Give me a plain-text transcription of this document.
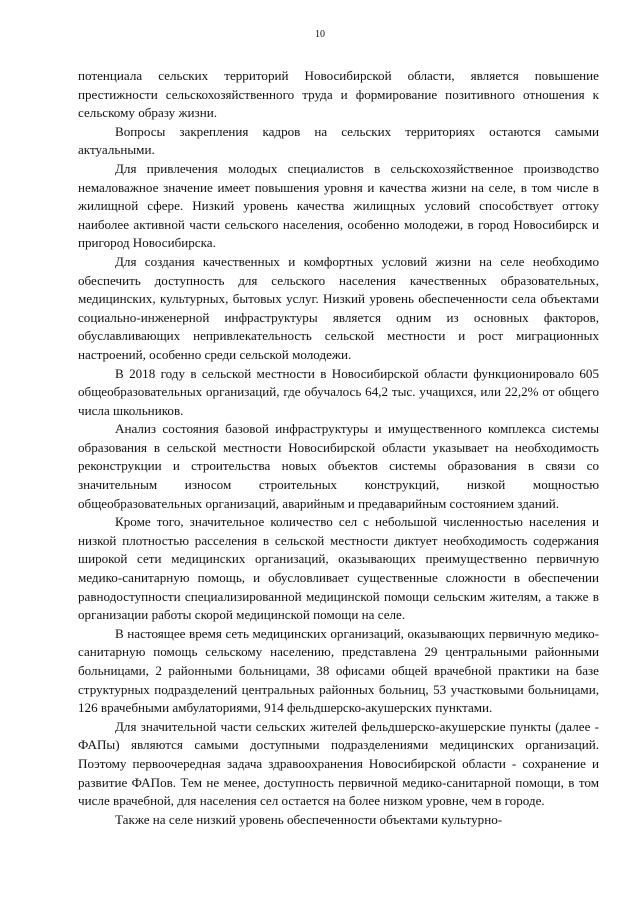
10

потенциала сельских территорий Новосибирской области, является повышение престижности сельскохозяйственного труда и формирование позитивного отношения к сельскому образу жизни.

Вопросы закрепления кадров на сельских территориях остаются самыми актуальными.

Для привлечения молодых специалистов в сельскохозяйственное производство немаловажное значение имеет повышения уровня и качества жизни на селе, в том числе в жилищной сфере. Низкий уровень качества жилищных условий способствует оттоку наиболее активной части сельского населения, особенно молодежи, в город Новосибирск и пригород Новосибирска.

Для создания качественных и комфортных условий жизни на селе необходимо обеспечить доступность для сельского населения качественных образовательных, медицинских, культурных, бытовых услуг. Низкий уровень обеспеченности села объектами социально-инженерной инфраструктуры является одним из основных факторов, обуславливающих непривлекательность сельской местности и рост миграционных настроений, особенно среди сельской молодежи.

В 2018 году в сельской местности в Новосибирской области функционировало 605 общеобразовательных организаций, где обучалось 64,2 тыс. учащихся, или 22,2% от общего числа школьников.

Анализ состояния базовой инфраструктуры и имущественного комплекса системы образования в сельской местности Новосибирской области указывает на необходимость реконструкции и строительства новых объектов системы образования в связи со значительным износом строительных конструкций, низкой мощностью общеобразовательных организаций, аварийным и предаварийным состоянием зданий.

Кроме того, значительное количество сел с небольшой численностью населения и низкой плотностью расселения в сельской местности диктует необходимость содержания широкой сети медицинских организаций, оказывающих преимущественно первичную медико-санитарную помощь, и обусловливает существенные сложности в обеспечении равнодоступности специализированной медицинской помощи сельским жителям, а также в организации работы скорой медицинской помощи на селе.

В настоящее время сеть медицинских организаций, оказывающих первичную медико-санитарную помощь сельскому населению, представлена 29 центральными районными больницами, 2 районными больницами, 38 офисами общей врачебной практики на базе структурных подразделений центральных районных больниц, 53 участковыми больницами, 126 врачебными амбулаториями, 914 фельдшерско-акушерских пунктами.

Для значительной части сельских жителей фельдшерско-акушерские пункты (далее - ФАПы) являются самыми доступными подразделениями медицинских организаций. Поэтому первоочередная задача здравоохранения Новосибирской области - сохранение и развитие ФАПов. Тем не менее, доступность первичной медико-санитарной помощи, в том числе врачебной, для населения сел остается на более низком уровне, чем в городе.

Также на селе низкий уровень обеспеченности объектами культурно-
